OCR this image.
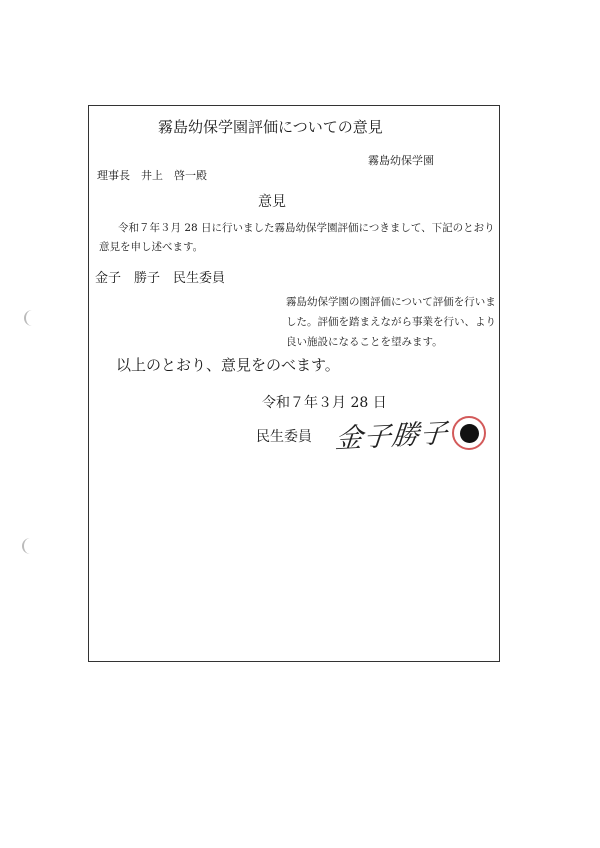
霧島幼保学園評価についての意見
霧島幼保学園
理事長　井上　啓一殿
意見
令和７年３月 28 日に行いました霧島幼保学園評価につきまして、下記のとおり
意見を申し述べます。
金子　勝子　民生委員
霧島幼保学園の園評価について評価を行いま
した。評価を踏まえながら事業を行い、より
良い施設になることを望みます。
以上のとおり、意見をのべます。
令和７年３月 28 日
民生委員 金子勝子
